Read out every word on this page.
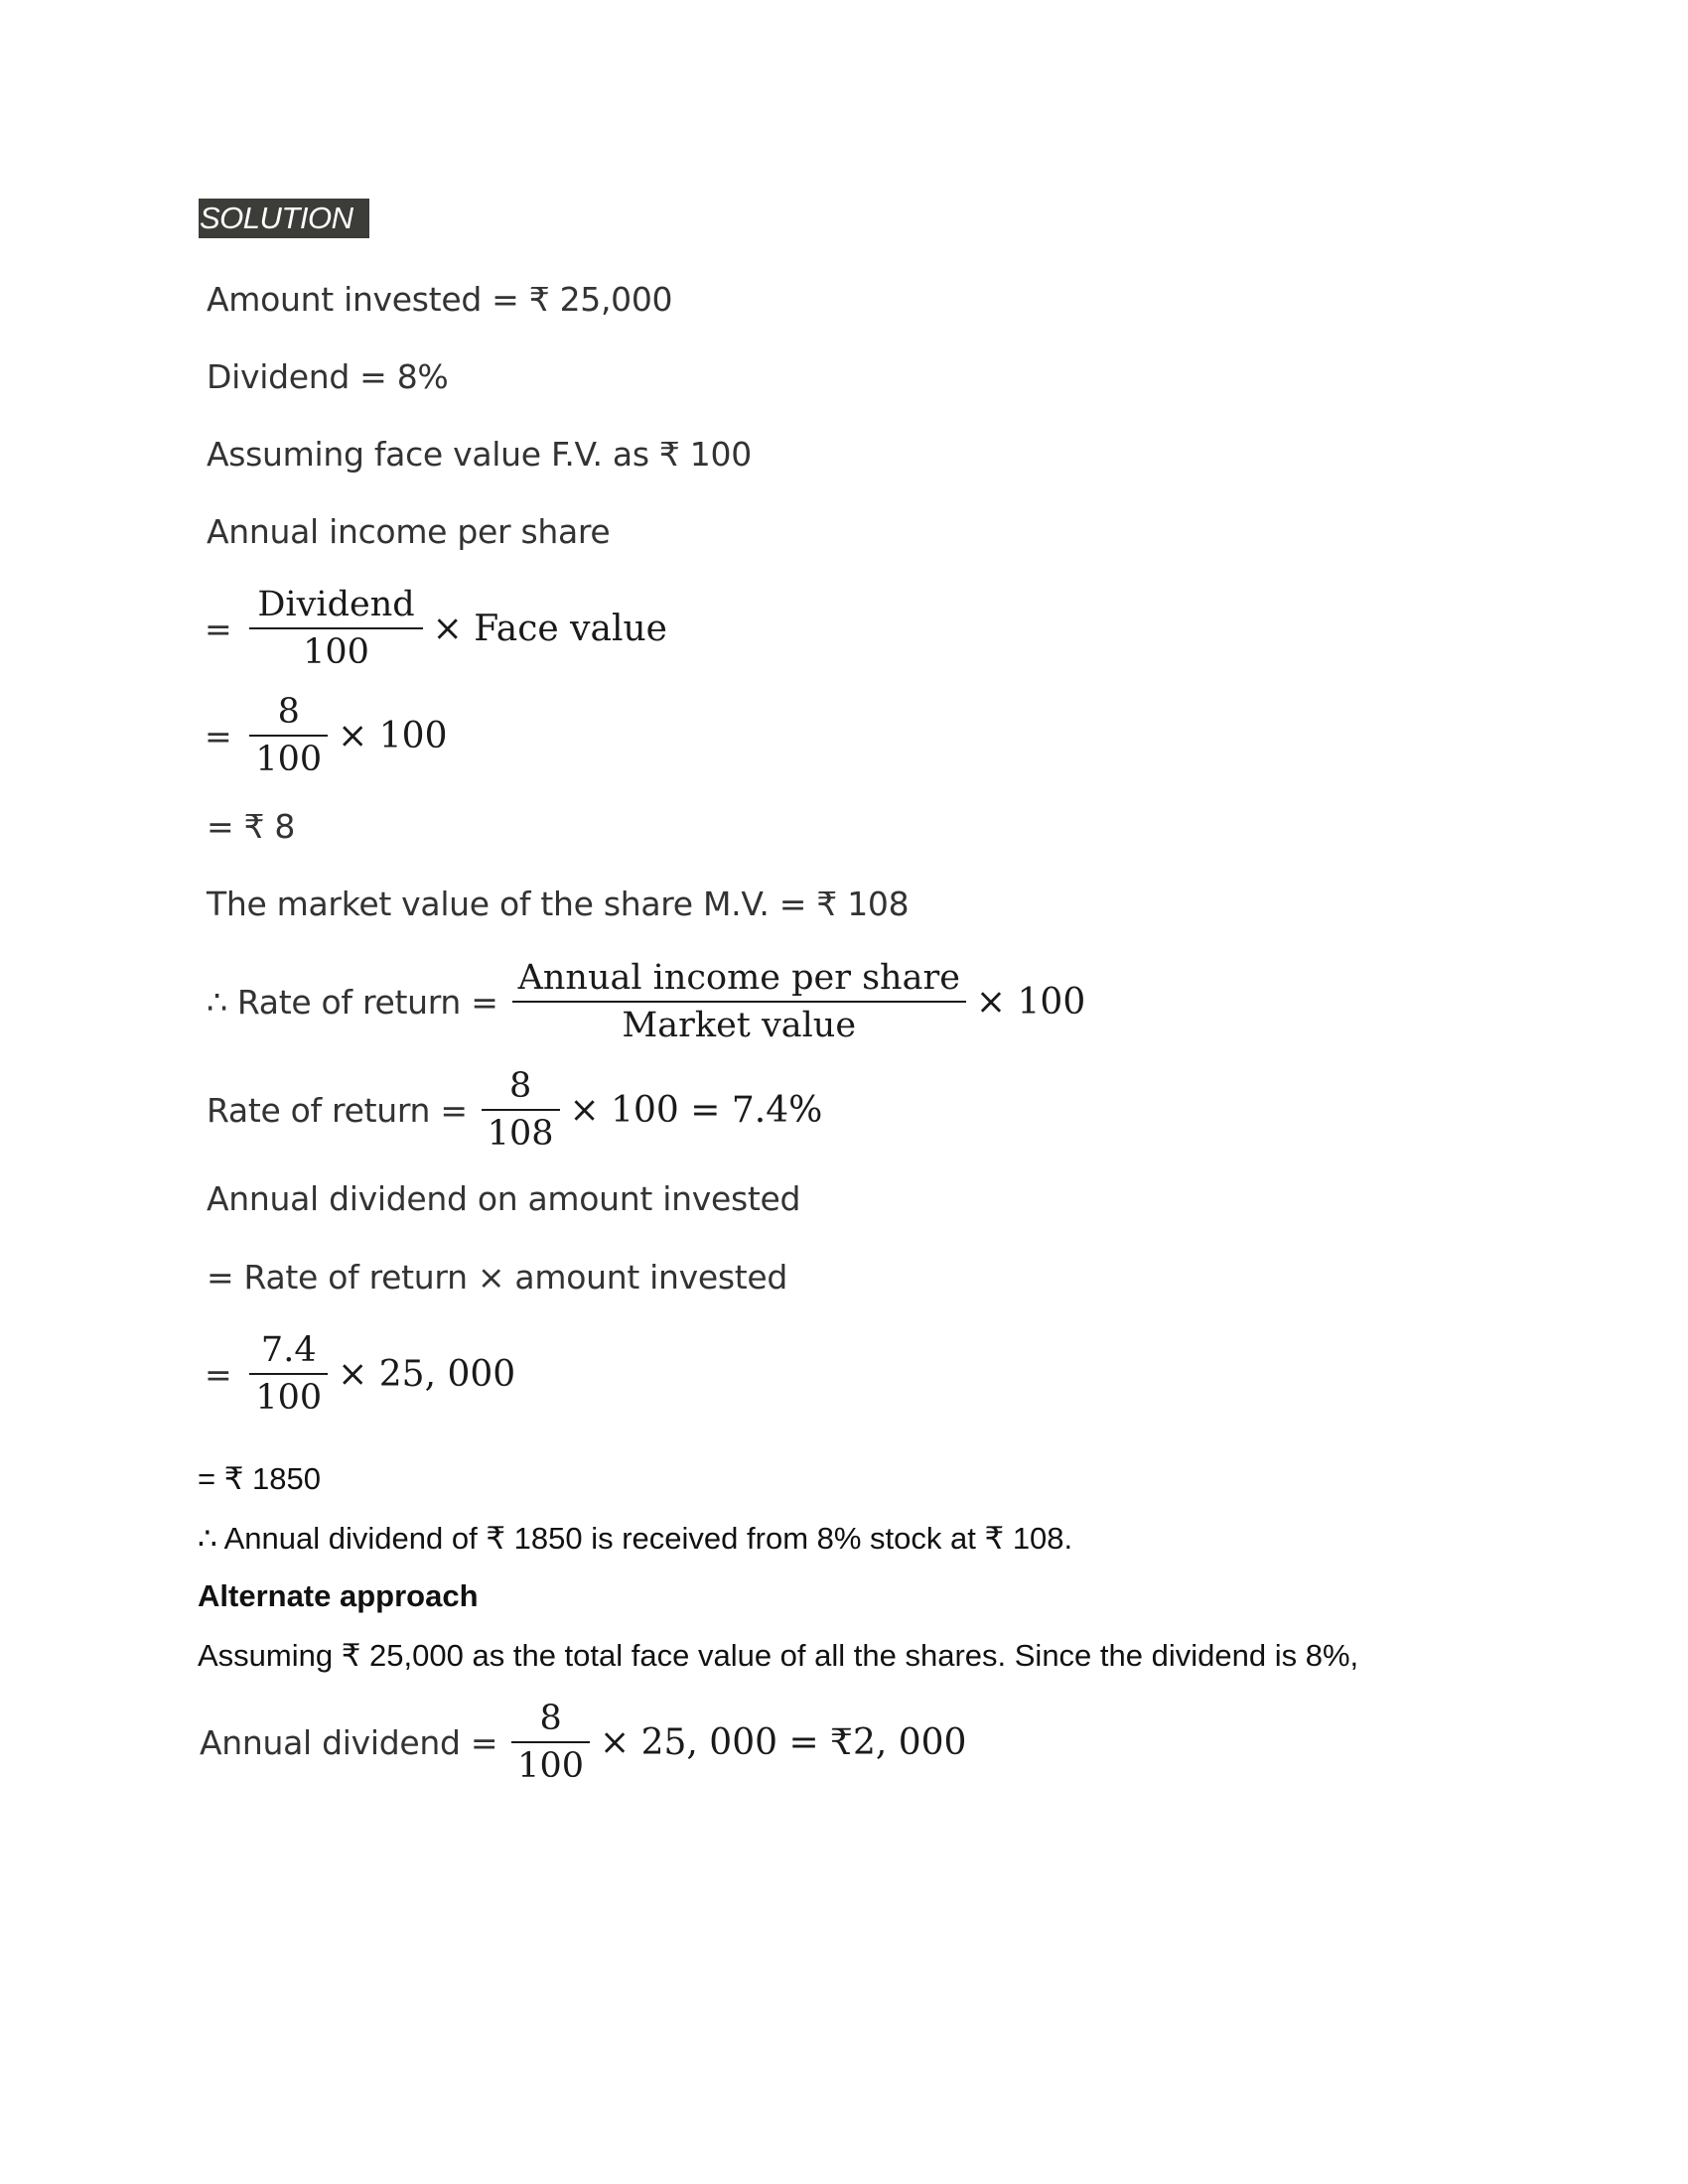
SOLUTION
Amount invested = ₹ 25,000
Dividend = 8%
Assuming face value F.V. as ₹ 100
Annual income per share
= $\frac{\text{Dividend}}{100}$ × Face value
= $\frac{8}{100} \times 100$
= ₹ 8
The market value of the share M.V. = ₹ 108
∴ Rate of return = $\frac{\text{Annual income per share}}{\text{Market value}} \times 100$
Rate of return = $\frac{8}{108} \times 100 = 7.4\%$
Annual dividend on amount invested
= Rate of return × amount invested
= $\frac{7.4}{100} \times 25$, 000
= ₹ 1850
∴ Annual dividend of ₹ 1850 is received from 8% stock at ₹ 108.
Alternate approach
Assuming ₹ 25,000 as the total face value of all the shares. Since the dividend is 8%,
Annual dividend = $\frac{8}{100} \times 25$, 000 = ₹2, 000
